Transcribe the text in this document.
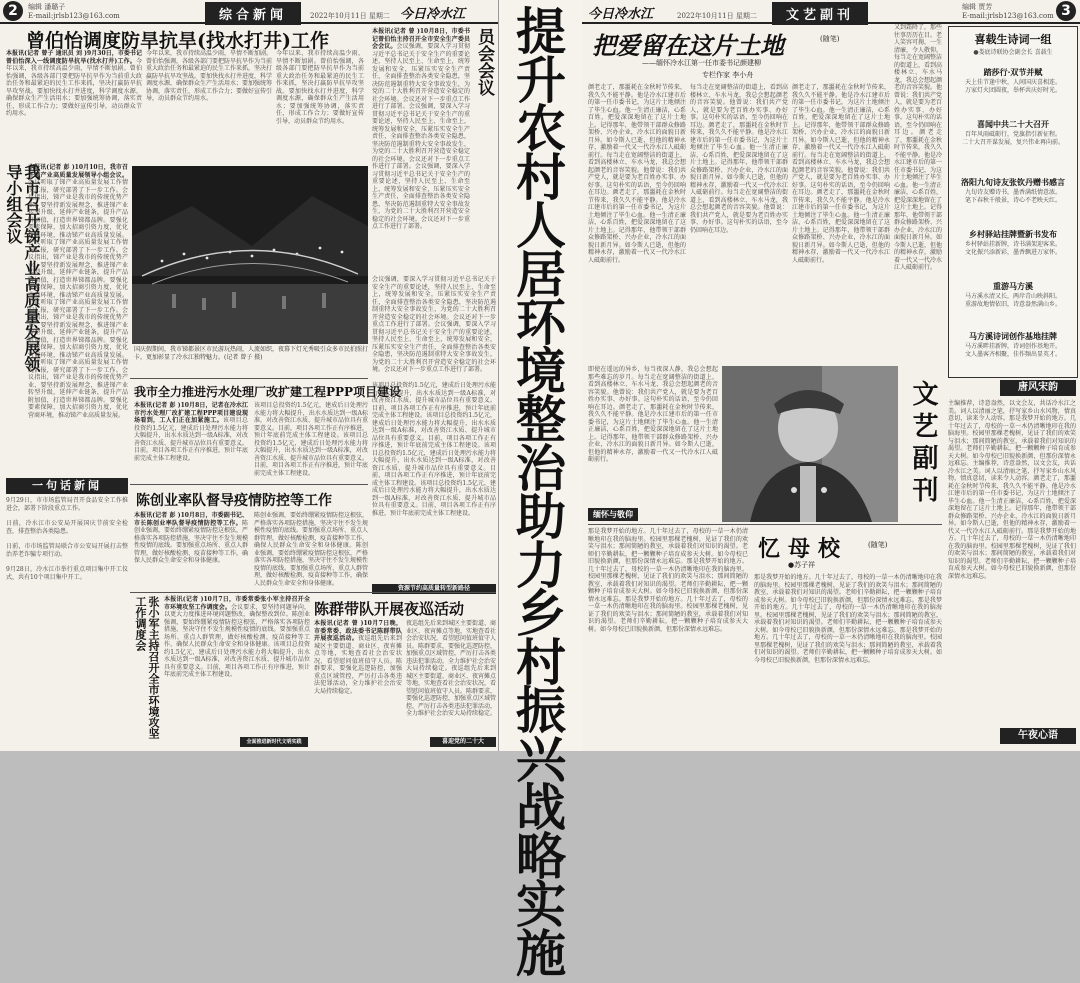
2	编辑 潘璐子
E-mail:jrlsb123@163.com	综合新闻	2022年10月11日 星期二 今日冷水江
曾伯怡调度防旱抗旱(找水打井)工作
本报讯(记者 曾子 通讯员 刘 )9月30日，市委书记曾伯怡深入一线调度防旱抗旱(找水打井)工作。今年以来，我市持续高温少雨，旱情不断加剧。曾伯怡强调，各级各部门要把防旱抗旱作为当前重大政治任务和最紧迫的民生工作来抓，坚决打赢防旱抗旱攻坚战。要加快找水打井进度，科学调度水源，确保群众生产生活用水；要加强统筹协调，落实责任，形成工作合力；要做好宣传引导，动员群众节约用水。
今年以来，我市持续高温少雨，旱情不断加剧。曾伯怡强调，各级各部门要把防旱抗旱作为当前重大政治任务和最紧迫的民生工作来抓，坚决打赢防旱抗旱攻坚战。要加快找水打井进度，科学调度水源，确保群众生产生活用水；要加强统筹协调，落实责任，形成工作合力；要做好宣传引导，动员群众节约用水。
今年以来，我市持续高温少雨，旱情不断加剧。曾伯怡强调，各级各部门要把防旱抗旱作为当前重大政治任务和最紧迫的民生工作来抓，坚决打赢防旱抗旱攻坚战。要加快找水打井进度，科学调度水源，确保群众生产生活用水；要加强统筹协调，落实责任，形成工作合力；要做好宣传引导，动员群众节约用水。
员会会议
本报讯(记者 曾 )10月8日，市委书记曾伯怡主持召开全市安全生产委员会会议。会议强调，要深入学习贯彻习近平总书记关于安全生产的重要论述，坚持人民至上、生命至上，统筹发展和安全，压紧压实安全生产责任，全面排查整治各类安全隐患，坚决防范遏制重特大安全事故发生，为党的二十大胜利召开营造安全稳定的社会环境。会议还对下一步重点工作进行了部署。会议强调，要深入学习贯彻习近平总书记关于安全生产的重要论述，坚持人民至上、生命至上，统筹发展和安全，压紧压实安全生产责任，全面排查整治各类安全隐患，坚决防范遏制重特大安全事故发生，为党的二十大胜利召开营造安全稳定的社会环境。会议还对下一步重点工作进行了部署。会议强调，要深入学习贯彻习近平总书记关于安全生产的重要论述，坚持人民至上、生命至上，统筹发展和安全，压紧压实安全生产责任，全面排查整治各类安全隐患，坚决防范遏制重特大安全事故发生，为党的二十大胜利召开营造安全稳定的社会环境。会议还对下一步重点工作进行了部署。
会议强调，要深入学习贯彻习近平总书记关于安全生产的重要论述，坚持人民至上、生命至上，统筹发展和安全，压紧压实安全生产责任，全面排查整治各类安全隐患，坚决防范遏制重特大安全事故发生，为党的二十大胜利召开营造安全稳定的社会环境。会议还对下一步重点工作进行了部署。会议强调，要深入学习贯彻习近平总书记关于安全生产的重要论述，坚持人民至上、生命至上，统筹发展和安全，压紧压实安全生产责任，全面排查整治各类安全隐患，坚决防范遏制重特大安全事故发生，为党的二十大胜利召开营造安全稳定的社会环境。会议还对下一步重点工作进行了部署。
我市召开锑产业高质量发展领导小组会议 本报讯(记者 彭 )10月10日，我市召开锑产业高质量发展领导小组会议。会议听取了锑产业高质量发展工作情况汇报，研究部署了下一步工作。会议指出，锑产业是我市的传统优势产业，要坚持新发展理念，推进锑产业转型升级，延伸产业链条，提升产品附加值，打造世界锑都品牌。要强化要素保障，加大招商引资力度，优化营商环境，推动锑产业高质量发展。会议听取了锑产业高质量发展工作情况汇报，研究部署了下一步工作。会议指出，锑产业是我市的传统优势产业，要坚持新发展理念，推进锑产业转型升级，延伸产业链条，提升产品附加值，打造世界锑都品牌。要强化要素保障，加大招商引资力度，优化营商环境，推动锑产业高质量发展。会议听取了锑产业高质量发展工作情况汇报，研究部署了下一步工作。会议指出，锑产业是我市的传统优势产业，要坚持新发展理念，推进锑产业转型升级，延伸产业链条，提升产品附加值，打造世界锑都品牌。要强化要素保障，加大招商引资力度，优化营商环境，推动锑产业高质量发展。会议听取了锑产业高质量发展工作情况汇报，研究部署了下一步工作。会议指出，锑产业是我市的传统优势产业，要坚持新发展理念，推进锑产业转型升级，延伸产业链条，提升产品附加值，打造世界锑都品牌。要强化要素保障，加大招商引资力度，优化营商环境，推动锑产业高质量发展。
国庆假期间，我市锑都景区市民游玩热闹，人流如织，夜幕下灯光秀吸引众多市民拍照打卡，更加彰显了冷水江独特魅力。(记者 曾子 摄)
我市全力推进污水处理厂改扩建工程PPP项目建设
本报讯(记者 彭 )10月8日，记者在冷水江市污水处理厂改扩建工程PPP项目建设现场看到，工人们正在加紧施工。该项目总投资约1.5亿元，建成后日处理污水能力将大幅提升，出水水质达到一级A标准，对改善资江水质、提升城市品位具有重要意义。目前，项目各项工作正有序推进，预计年底前完成主体工程建设。
该项目总投资约1.5亿元，建成后日处理污水能力将大幅提升，出水水质达到一级A标准，对改善资江水质、提升城市品位具有重要意义。目前，项目各项工作正有序推进，预计年底前完成主体工程建设。该项目总投资约1.5亿元，建成后日处理污水能力将大幅提升，出水水质达到一级A标准，对改善资江水质、提升城市品位具有重要意义。目前，项目各项工作正有序推进，预计年底前完成主体工程建设。
该项目总投资约1.5亿元，建成后日处理污水能力将大幅提升，出水水质达到一级A标准，对改善资江水质、提升城市品位具有重要意义。目前，项目各项工作正有序推进，预计年底前完成主体工程建设。该项目总投资约1.5亿元，建成后日处理污水能力将大幅提升，出水水质达到一级A标准，对改善资江水质、提升城市品位具有重要意义。目前，项目各项工作正有序推进，预计年底前完成主体工程建设。该项目总投资约1.5亿元，建成后日处理污水能力将大幅提升，出水水质达到一级A标准，对改善资江水质、提升城市品位具有重要意义。目前，项目各项工作正有序推进，预计年底前完成主体工程建设。该项目总投资约1.5亿元，建成后日处理污水能力将大幅提升，出水水质达到一级A标准，对改善资江水质、提升城市品位具有重要意义。目前，项目各项工作正有序推进，预计年底前完成主体工程建设。
一句话新闻
9月29日，市市场监管局召开食品安全工作推进会，部署下阶段重点工作。
日前，冷水江市公安局开展国庆节前安全检查，排查整治各类隐患。
日前，市市场监管局联合市公安局开展打击整治养老诈骗专项行动。
9月28日，冷水江市举行重点项目集中开工仪式，共有10个项目集中开工。
陈创业率队督导疫情防控等工作
本报讯(记者 彭 )10月8日，市委副书记、市长陈创业率队督导疫情防控等工作。陈创业强调，要始终绷紧疫情防控这根弦，严格落实各项防控措施，坚决守住不发生规模性疫情的底线。要加强重点场所、重点人群管理，做好核酸检测、疫苗接种等工作，确保人民群众生命安全和身体健康。
陈创业强调，要始终绷紧疫情防控这根弦，严格落实各项防控措施，坚决守住不发生规模性疫情的底线。要加强重点场所、重点人群管理，做好核酸检测、疫苗接种等工作，确保人民群众生命安全和身体健康。陈创业强调，要始终绷紧疫情防控这根弦，严格落实各项防控措施，坚决守住不发生规模性疫情的底线。要加强重点场所、重点人群管理，做好核酸检测、疫苗接种等工作，确保人民群众生命安全和身体健康。
资源节约高质量转型新路径
张小军主持召开全市环境攻坚工作调度会	本报讯(记者 )10月7日，市委常委张小军主持召开全市环境攻坚工作调度会。会议要求，要坚持问题导向，以更大力度推进环境问题整改，确保整改到位。陈创业强调，要始终绷紧疫情防控这根弦，严格落实各项防控措施，坚决守住不发生规模性疫情的底线。要加强重点场所、重点人群管理，做好核酸检测、疫苗接种等工作，确保人民群众生命安全和身体健康。该项目总投资约1.5亿元，建成后日处理污水能力将大幅提升，出水水质达到一级A标准，对改善资江水质、提升城市品位具有重要意义。目前，项目各项工作正有序推进，预计年底前完成主体工程建设。
陈群带队开展夜巡活动
本报讯(记者 曾 )10月7日晚，市委常委、政法委书记陈群带队开展夜巡活动。夜巡组先后来到城区主要街道、商业区、夜宵摊点等地，实地查看社会治安状况，看望慰问值班值守人员。陈群要求，要强化巡逻防控，加强重点区域管控，严厉打击各类违法犯罪活动，全力维护社会治安大局持续稳定。
夜巡组先后来到城区主要街道、商业区、夜宵摊点等地，实地查看社会治安状况，看望慰问值班值守人员。陈群要求，要强化巡逻防控，加强重点区域管控，严厉打击各类违法犯罪活动，全力维护社会治安大局持续稳定。夜巡组先后来到城区主要街道、商业区、夜宵摊点等地，实地查看社会治安状况，看望慰问值班值守人员。陈群要求，要强化巡逻防控，加强重点区域管控，严厉打击各类违法犯罪活动，全力维护社会治安大局持续稳定。
全面推进新时代文明实践	喜迎党的二十大
提升农村人居环境整治助力乡村振兴战略实施
今日冷水江	2022年10月11日 星期二	文艺副刊
编辑 贾芳
E-mail:jrlsb123@163.com 3
把爱留在这片土地	(随笔)
——缅怀冷水江第一任市委书记颜建柳
专栏作家 李小舟
颜老走了，那噩耗在金秋时节传来，我久久不能平静。他是冷水江建市后的第一任市委书记，为这片土地倾注了毕生心血。他一生清正廉洁，心系百姓，把爱深深地留在了这片土地上。记得那年，他带领干部群众修路架桥、兴办企业，冷水江的面貌日新月异。如今斯人已逝，但他的精神永存，激励着一代又一代冷水江人砥砺前行。每当走在宽阔整洁的街道上，看到高楼林立、车水马龙，我总会想起颜老的音容笑貌。他曾说：我们共产党人，就是要为老百姓办实事、办好事。这句朴实的话语，至今仍回响在耳边。颜老走了，那噩耗在金秋时节传来，我久久不能平静。他是冷水江建市后的第一任市委书记，为这片土地倾注了毕生心血。他一生清正廉洁，心系百姓，把爱深深地留在了这片土地上。记得那年，他带领干部群众修路架桥、兴办企业，冷水江的面貌日新月异。如今斯人已逝，但他的精神永存，激励着一代又一代冷水江人砥砺前行。
每当走在宽阔整洁的街道上，看到高楼林立、车水马龙，我总会想起颜老的音容笑貌。他曾说：我们共产党人，就是要为老百姓办实事、办好事。这句朴实的话语，至今仍回响在耳边。颜老走了，那噩耗在金秋时节传来，我久久不能平静。他是冷水江建市后的第一任市委书记，为这片土地倾注了毕生心血。他一生清正廉洁，心系百姓，把爱深深地留在了这片土地上。记得那年，他带领干部群众修路架桥、兴办企业，冷水江的面貌日新月异。如今斯人已逝，但他的精神永存，激励着一代又一代冷水江人砥砺前行。每当走在宽阔整洁的街道上，看到高楼林立、车水马龙，我总会想起颜老的音容笑貌。他曾说：我们共产党人，就是要为老百姓办实事、办好事。这句朴实的话语，至今仍回响在耳边。
颜老走了，那噩耗在金秋时节传来，我久久不能平静。他是冷水江建市后的第一任市委书记，为这片土地倾注了毕生心血。他一生清正廉洁，心系百姓，把爱深深地留在了这片土地上。记得那年，他带领干部群众修路架桥、兴办企业，冷水江的面貌日新月异。如今斯人已逝，但他的精神永存，激励着一代又一代冷水江人砥砺前行。每当走在宽阔整洁的街道上，看到高楼林立、车水马龙，我总会想起颜老的音容笑貌。他曾说：我们共产党人，就是要为老百姓办实事、办好事。这句朴实的话语，至今仍回响在耳边。颜老走了，那噩耗在金秋时节传来，我久久不能平静。他是冷水江建市后的第一任市委书记，为这片土地倾注了毕生心血。他一生清正廉洁，心系百姓，把爱深深地留在了这片土地上。记得那年，他带领干部群众修路架桥、兴办企业，冷水江的面貌日新月异。如今斯人已逝，但他的精神永存，激励着一代又一代冷水江人砥砺前行。
又到霜降了，那些往事历历在目。老人笑容可掬，一生清廉，令人敬仰。每当走在宽阔整洁的街道上，看到高楼林立、车水马龙，我总会想起颜老的音容笑貌。他曾说：我们共产党人，就是要为老百姓办实事、办好事。这句朴实的话语，至今仍回响在耳边。颜老走了，那噩耗在金秋时节传来，我久久不能平静。他是冷水江建市后的第一任市委书记，为这片土地倾注了毕生心血。他一生清正廉洁，心系百姓，把爱深深地留在了这片土地上。记得那年，他带领干部群众修路架桥、兴办企业，冷水江的面貌日新月异。如今斯人已逝，但他的精神永存，激励着一代又一代冷水江人砥砺前行。
文艺副刊
即使在遥远的异乡，每当夜深人静，我总会想起那些难忘的岁月。每当走在宽阔整洁的街道上，看到高楼林立、车水马龙，我总会想起颜老的音容笑貌。他曾说：我们共产党人，就是要为老百姓办实事、办好事。这句朴实的话语，至今仍回响在耳边。颜老走了，那噩耗在金秋时节传来，我久久不能平静。他是冷水江建市后的第一任市委书记，为这片土地倾注了毕生心血。他一生清正廉洁，心系百姓，把爱深深地留在了这片土地上。记得那年，他带领干部群众修路架桥、兴办企业，冷水江的面貌日新月异。如今斯人已逝，但他的精神永存，激励着一代又一代冷水江人砥砺前行。
缅怀与敬仰
那是我梦开始的地方。几十年过去了，母校的一草一木仍清晰地印在我的脑海里。校园里那棵老槐树，见证了我们的欢笑与泪水；那间简陋的教室，承载着我们对知识的渴望。老师们辛勤耕耘，把一颗颗种子培育成参天大树。如今母校已旧貌换新颜，但那份深情永远难忘。那是我梦开始的地方。几十年过去了，母校的一草一木仍清晰地印在我的脑海里。校园里那棵老槐树，见证了我们的欢笑与泪水；那间简陋的教室，承载着我们对知识的渴望。老师们辛勤耕耘，把一颗颗种子培育成参天大树。如今母校已旧貌换新颜，但那份深情永远难忘。那是我梦开始的地方。几十年过去了，母校的一草一木仍清晰地印在我的脑海里。校园里那棵老槐树，见证了我们的欢笑与泪水；那间简陋的教室，承载着我们对知识的渴望。老师们辛勤耕耘，把一颗颗种子培育成参天大树。如今母校已旧貌换新颜，但那份深情永远难忘。
忆母校	(随笔)
●苏子祥
那是我梦开始的地方。几十年过去了，母校的一草一木仍清晰地印在我的脑海里。校园里那棵老槐树，见证了我们的欢笑与泪水；那间简陋的教室，承载着我们对知识的渴望。老师们辛勤耕耘，把一颗颗种子培育成参天大树。如今母校已旧貌换新颜，但那份深情永远难忘。那是我梦开始的地方。几十年过去了，母校的一草一木仍清晰地印在我的脑海里。校园里那棵老槐树，见证了我们的欢笑与泪水；那间简陋的教室，承载着我们对知识的渴望。老师们辛勤耕耘，把一颗颗种子培育成参天大树。如今母校已旧貌换新颜，但那份深情永远难忘。那是我梦开始的地方。几十年过去了，母校的一草一木仍清晰地印在我的脑海里。校园里那棵老槐树，见证了我们的欢笑与泪水；那间简陋的教室，承载着我们对知识的渴望。老师们辛勤耕耘，把一颗颗种子培育成参天大树。如今母校已旧貌换新颜，但那份深情永远难忘。
喜载生诗词一组
●娄底诗联协会副会长 喜载生
踏莎行·双节并赋
天上佳节逢中秋，人间国庆喜相连。
万家灯火团圆夜，举杯共庆好时光。
喜闻中共二十大召开
百年风雨砥砺行，党旗指引新征程。
二十大召开谋发展，复兴伟业再向前。
洛阳九旬诗友张钦丹赠书感言
九旬诗友赠诗书，墨香满纸情意浓。
笔下春秋千般景，诗心不老映天红。
乡村驿站挂牌暨新书发布
乡村驿站挂新牌，诗书满架迎客来。
文化振兴添新彩，墨香飘进万家怀。
重游马方溪
马方溪水清又长，两岸青山映斜阳。
重游故地情依旧，诗意盎然满山乡。
马方溪诗词创作基地挂牌
马方溪畔挂新牌，诗词创作基地开。
文人墨客齐相聚，佳作频出显英才。
唐风宋韵
主编推荐，诗意盎然，以文会友，共话冷水江之美。词人以清丽之笔，抒写家乡山水风物，情真意切，读来令人动容。那是我梦开始的地方。几十年过去了，母校的一草一木仍清晰地印在我的脑海里。校园里那棵老槐树，见证了我们的欢笑与泪水；那间简陋的教室，承载着我们对知识的渴望。老师们辛勤耕耘，把一颗颗种子培育成参天大树。如今母校已旧貌换新颜，但那份深情永远难忘。主编推荐，诗意盎然，以文会友，共话冷水江之美。词人以清丽之笔，抒写家乡山水风物，情真意切，读来令人动容。颜老走了，那噩耗在金秋时节传来，我久久不能平静。他是冷水江建市后的第一任市委书记，为这片土地倾注了毕生心血。他一生清正廉洁，心系百姓，把爱深深地留在了这片土地上。记得那年，他带领干部群众修路架桥、兴办企业，冷水江的面貌日新月异。如今斯人已逝，但他的精神永存，激励着一代又一代冷水江人砥砺前行。那是我梦开始的地方。几十年过去了，母校的一草一木仍清晰地印在我的脑海里。校园里那棵老槐树，见证了我们的欢笑与泪水；那间简陋的教室，承载着我们对知识的渴望。老师们辛勤耕耘，把一颗颗种子培育成参天大树。如今母校已旧貌换新颜，但那份深情永远难忘。
午夜心语
